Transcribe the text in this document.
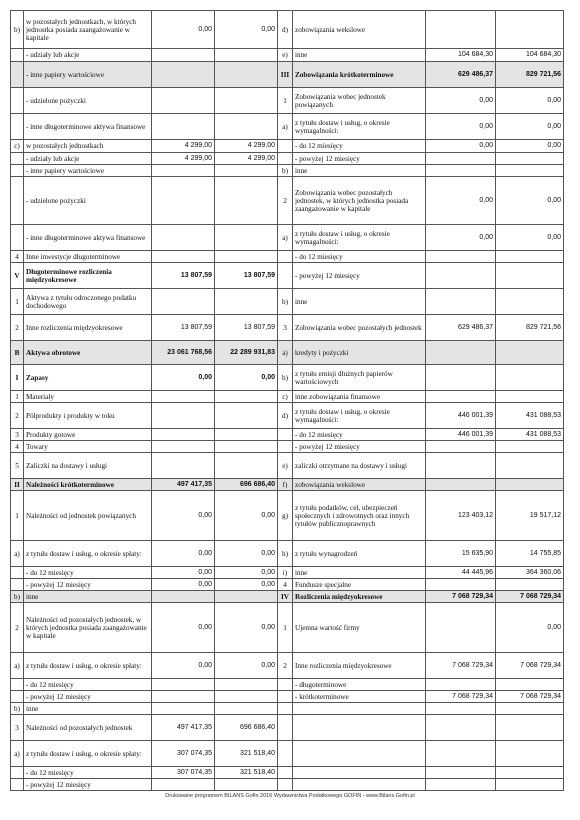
b)	w pozostałych jednostkach, w których jednostka posiada zaangażowanie w kapitale	0,00	0,00	d)	zobowiązania wekslowe		
	- udziały lub akcje			e)	inne	104 684,30	104 684,30
	- inne papiery wartościowe			III	Zobowiązania krótkoterminowe	629 486,37	829 721,56
	- udzielone pożyczki			1	Zobowiązania wobec jednostek powiązanych	0,00	0,00
	- inne długoterminowe aktywa finansowe			a)	z tytułu dostaw i usług, o okresie wymagalności:	0,00	0,00
c)	w pozostałych jednostkach	4 299,00	4 299,00		- do 12 miesięcy	0,00	0,00
	- udziały lub akcje	4 299,00	4 299,00		- powyżej 12 miesięcy		
	- inne papiery wartościowe			b)	inne		
	- udzielone pożyczki			2	Zobowiązania wobec pozostałych jednostek, w których jednostka posiada zaangażowanie w kapitale	0,00	0,00
	- inne długoterminowe aktywa finansowe			a)	z tytułu dostaw i usług, o okresie wymagalności:	0,00	0,00
4	Inne inwestycje długoterminowe				- do 12 miesięcy		
V	Długoterminowe rozliczenia międzyokresowe	13 807,59	13 807,59		- powyżej 12 miesięcy		
1	Aktywa z tytułu odroczonego podatku dochodowego			b)	inne		
2	Inne rozliczenia międzyokresowe	13 807,59	13 807,59	3	Zobowiązania wobec pozostałych jednostek	629 486,37	829 721,56
B	Aktywa obrotowe	23 061 768,56	22 289 931,83	a)	kredyty i pożyczki		
I	Zapasy	0,00	0,00	b)	z tytułu emisji dłużnych papierów wartościowych		
1	Materiały			c)	inne zobowiązania finansowe		
2	Półprodukty i produkty w toku			d)	z tytułu dostaw i usług, o okresie wymagalności:	446 001,39	431 088,53
3	Produkty gotowe				- do 12 miesięcy	446 001,39	431 088,53
4	Towary				- powyżej 12 miesięcy		
5	Zaliczki na dostawy i usługi			e)	zaliczki otrzymane na dostawy i usługi		
II	Należności krótkoterminowe	497 417,35	696 686,40	f)	zobowiązania wekslowe		
1	Należności od jednostek powiązanych	0,00	0,00	g)	z tytułu podatków, ceł, ubezpieczeń społecznych i zdrowotnych oraz innych tytułów publicznoprawnych	123 403,12	19 517,12
a)	z tytułu dostaw i usług, o okresie spłaty:	0,00	0,00	h)	z tytułu wynagrodzeń	15 635,90	14 755,85
	- do 12 miesięcy	0,00	0,00	i)	inne	44 445,96	364 360,06
	- powyżej 12 miesięcy	0,00	0,00	4	Fundusze specjalne		
b)	inne			IV	Rozliczenia międzyokresowe	7 068 729,34	7 068 729,34
2	Należności od pozostałych jednostek, w których jednostka posiada zaangażowanie w kapitale	0,00	0,00	1	Ujemna wartość firmy		0,00
a)	z tytułu dostaw i usług, o okresie spłaty:	0,00	0,00	2	Inne rozliczenia międzyokresowe	7 068 729,34	7 068 729,34
	- do 12 miesięcy				- długoterminowe		
	- powyżej 12 miesięcy				- krótkoterminowe	7 068 729,34	7 068 729,34
b)	inne						
3	Należności od pozostałych jednostek	497 417,35	696 686,40				
a)	z tytułu dostaw i usług, o okresie spłaty:	307 074,35	321 518,40				
	- do 12 miesięcy	307 074,35	321 518,40				
	- powyżej 12 miesięcy						
Drukowane programem BILANS Gofin 2016 Wydawnictwa Podatkowego GOFIN - www.Bilans.Gofin.pl
